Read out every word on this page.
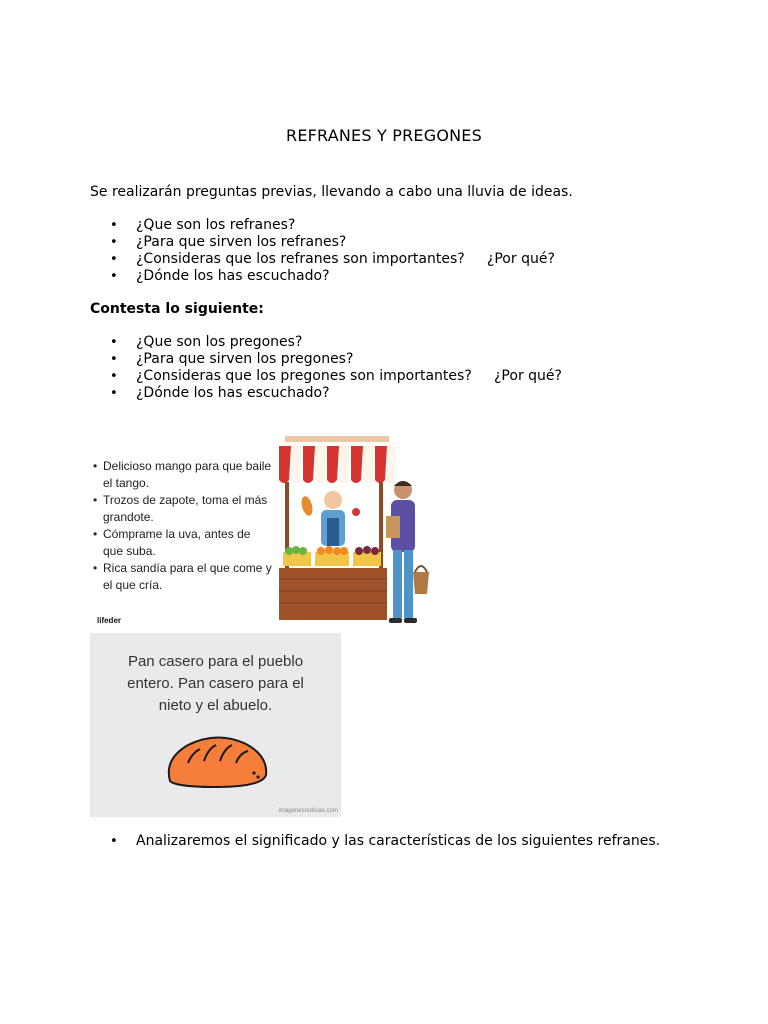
REFRANES Y PREGONES
Se realizarán preguntas previas, llevando a cabo una lluvia de ideas.
• ¿Que son los refranes?
• ¿Para que sirven los refranes?
• ¿Consideras que los refranes son importantes?     ¿Por qué?
• ¿Dónde los has escuchado?
Contesta lo siguiente:
• ¿Que son los pregones?
• ¿Para que sirven los pregones?
• ¿Consideras que los pregones son importantes?     ¿Por qué?
• ¿Dónde los has escuchado?
• Delicioso mango para que baile el tango.
• Trozos de zapote, toma el más grandote.
• Cómprame la uva, antes de que suba.
• Rica sandía para el que come y el que cría.
lifeder
Pan casero para el pueblo
entero. Pan casero para el
nieto y el abuelo.
imagenesnoticias.com
• Analizaremos el significado y las características de los siguientes refranes.
